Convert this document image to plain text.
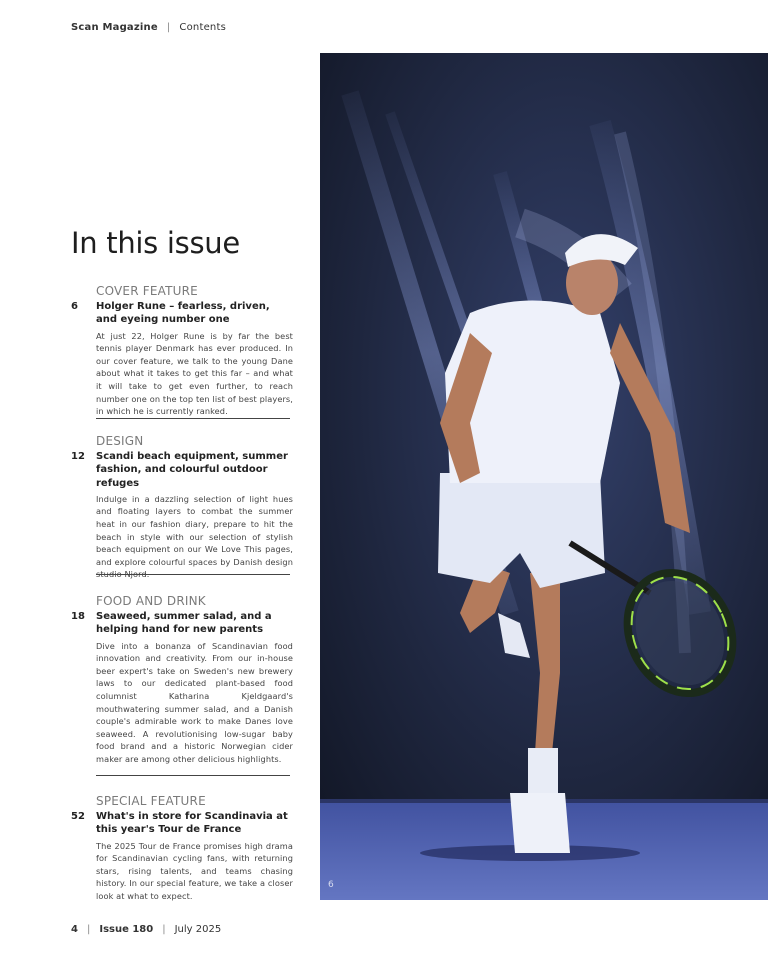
Scan Magazine | Contents
In this issue
COVER FEATURE
6	Holger Rune – fearless, driven, and eyeing number one
At just 22, Holger Rune is by far the best tennis player Denmark has ever produced. In our cover feature, we talk to the young Dane about what it takes to get this far – and what it will take to get even further, to reach number one on the top ten list of best players, in which he is currently ranked.
DESIGN
12	Scandi beach equipment, summer fashion, and colourful outdoor refuges
Indulge in a dazzling selection of light hues and floating layers to combat the summer heat in our fashion diary, prepare to hit the beach in style with our selection of stylish beach equipment on our We Love This pages, and explore colourful spaces by Danish design studio Njord.
FOOD AND DRINK
18	Seaweed, summer salad, and a helping hand for new parents
Dive into a bonanza of Scandinavian food innovation and creativity. From our in-house beer expert's take on Sweden's new brewery laws to our dedicated plant-based food columnist Katharina Kjeldgaard's mouthwatering summer salad, and a Danish couple's admirable work to make Danes love seaweed. A revolutionising low-sugar baby food brand and a historic Norwegian cider maker are among other delicious highlights.
SPECIAL FEATURE
52	What's in store for Scandinavia at this year's Tour de France
The 2025 Tour de France promises high drama for Scandinavian cycling fans, with returning stars, rising talents, and teams chasing history. In our special feature, we take a closer look at what to expect.
6
4 | Issue 180 | July 2025
